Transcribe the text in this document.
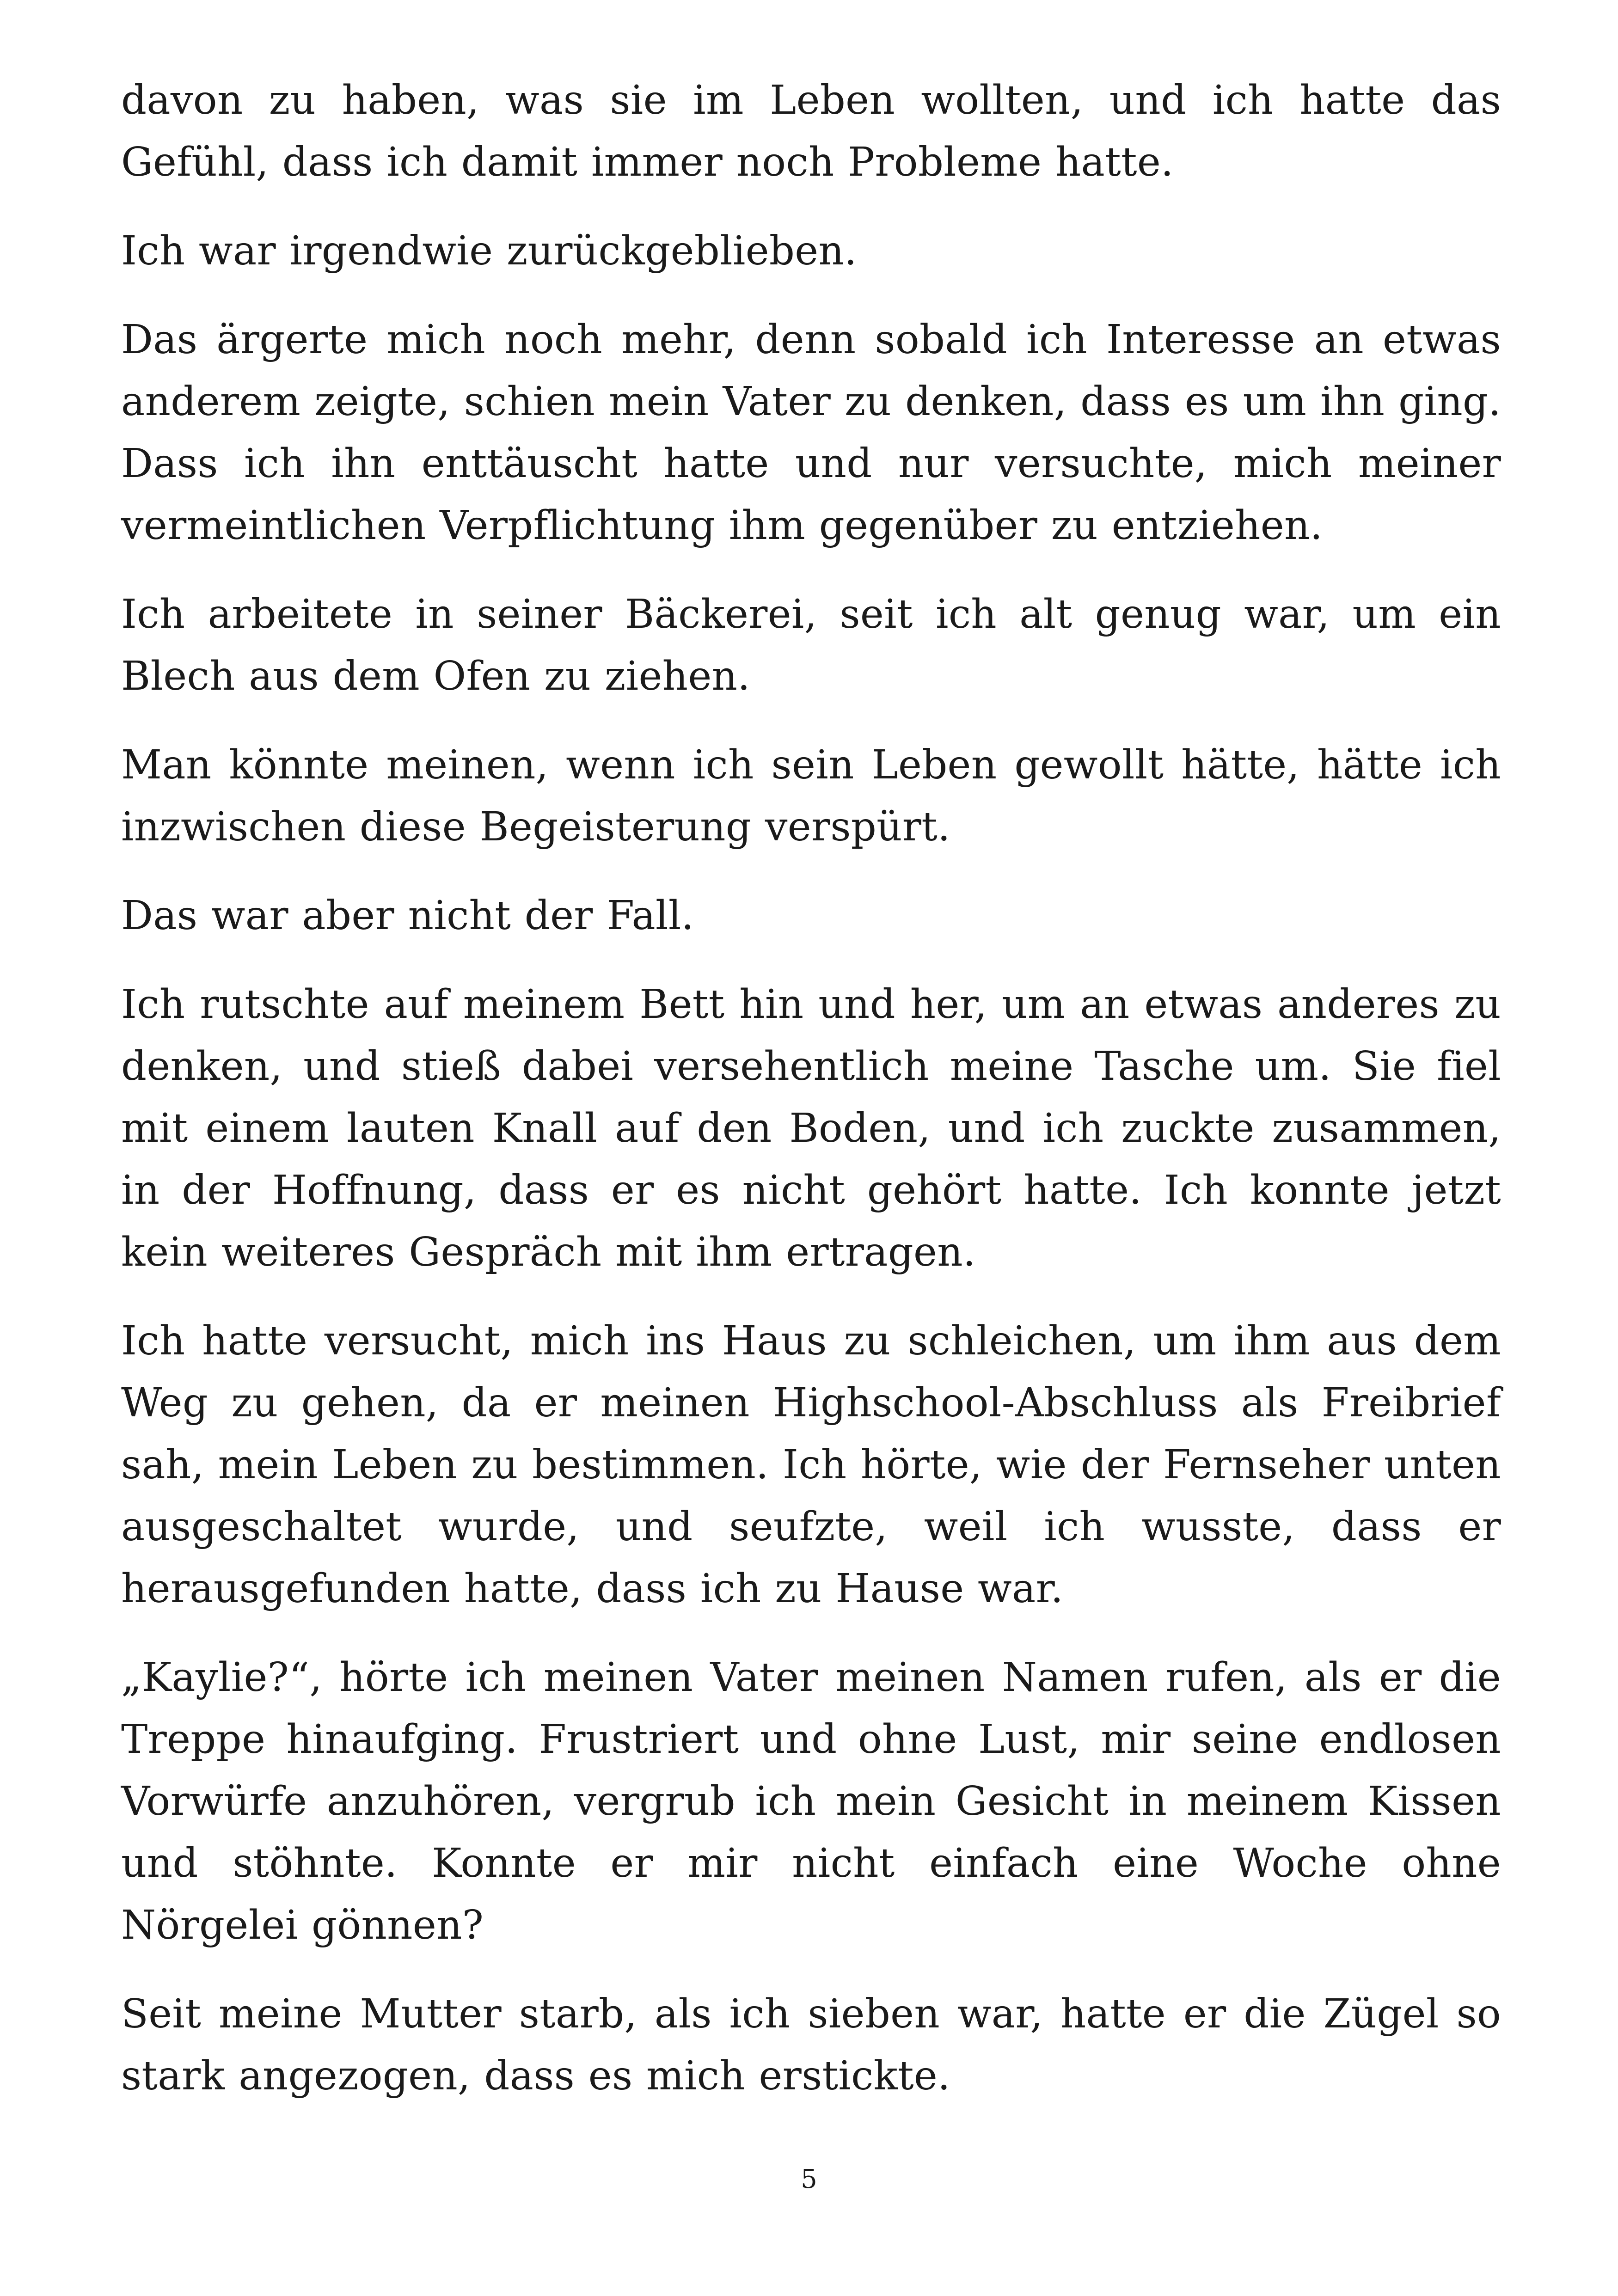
davon zu haben, was sie im Leben wollten, und ich hatte das Gefühl, dass ich damit immer noch Probleme hatte.

Ich war irgendwie zurückgeblieben.

Das ärgerte mich noch mehr, denn sobald ich Interesse an etwas anderem zeigte, schien mein Vater zu denken, dass es um ihn ging. Dass ich ihn enttäuscht hatte und nur versuchte, mich meiner vermeintlichen Verpflichtung ihm gegenüber zu entziehen.

Ich arbeitete in seiner Bäckerei, seit ich alt genug war, um ein Blech aus dem Ofen zu ziehen.

Man könnte meinen, wenn ich sein Leben gewollt hätte, hätte ich inzwischen diese Begeisterung verspürt.

Das war aber nicht der Fall.

Ich rutschte auf meinem Bett hin und her, um an etwas anderes zu denken, und stieß dabei versehentlich meine Tasche um. Sie fiel mit einem lauten Knall auf den Boden, und ich zuckte zusammen, in der Hoffnung, dass er es nicht gehört hatte. Ich konnte jetzt kein weiteres Gespräch mit ihm ertragen.

Ich hatte versucht, mich ins Haus zu schleichen, um ihm aus dem Weg zu gehen, da er meinen Highschool-Abschluss als Freibrief sah, mein Leben zu bestimmen. Ich hörte, wie der Fernseher unten ausgeschaltet wurde, und seufzte, weil ich wusste, dass er herausgefunden hatte, dass ich zu Hause war.

„Kaylie?“, hörte ich meinen Vater meinen Namen rufen, als er die Treppe hinaufging. Frustriert und ohne Lust, mir seine endlosen Vorwürfe anzuhören, vergrub ich mein Gesicht in meinem Kissen und stöhnte. Konnte er mir nicht einfach eine Woche ohne Nörgelei gönnen?

Seit meine Mutter starb, als ich sieben war, hatte er die Zügel so stark angezogen, dass es mich erstickte.

5
